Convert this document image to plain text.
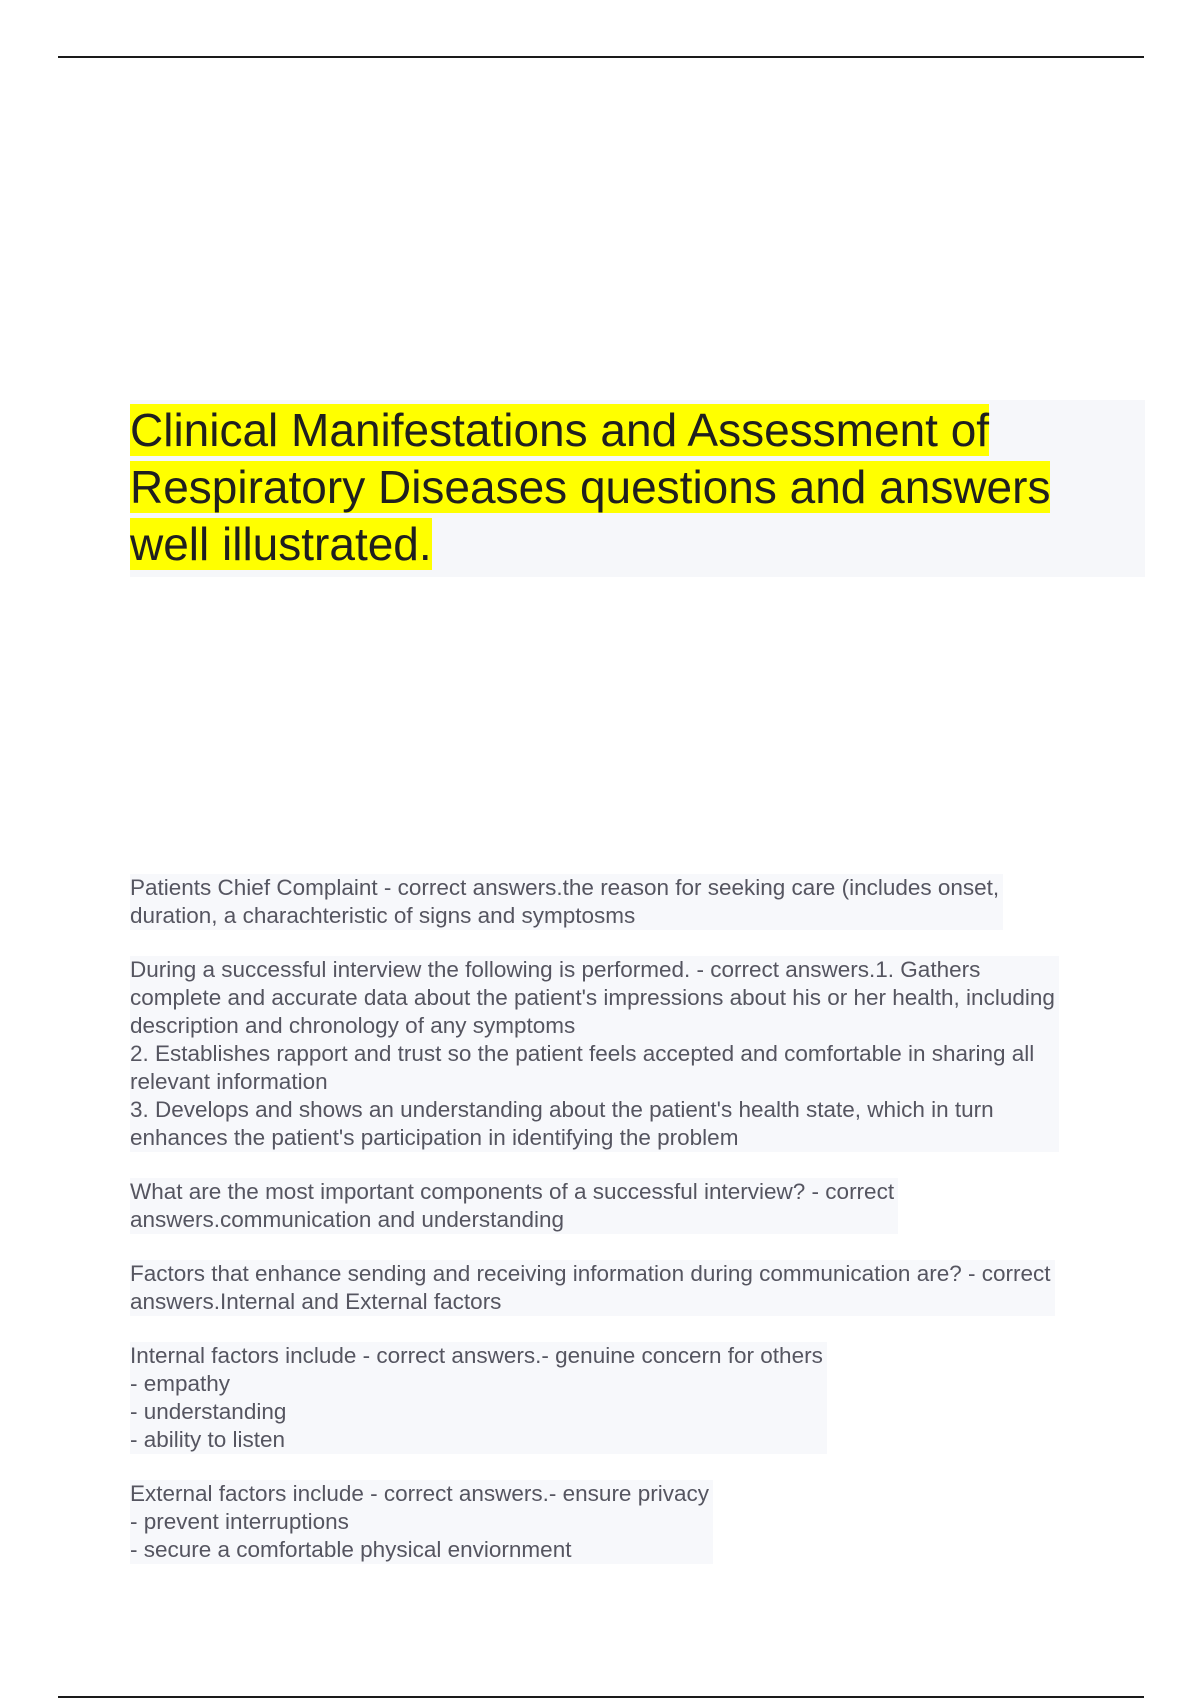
Clinical Manifestations and Assessment of
Respiratory Diseases questions and answers
well illustrated.
Patients Chief Complaint - correct answers.the reason for seeking care (includes onset,
duration, a charachteristic of signs and symptosms
During a successful interview the following is performed. - correct answers.1. Gathers
complete and accurate data about the patient's impressions about his or her health, including
description and chronology of any symptoms
2. Establishes rapport and trust so the patient feels accepted and comfortable in sharing all
relevant information
3. Develops and shows an understanding about the patient's health state, which in turn
enhances the patient's participation in identifying the problem
What are the most important components of a successful interview? - correct
answers.communication and understanding
Factors that enhance sending and receiving information during communication are? - correct
answers.Internal and External factors
Internal factors include - correct answers.- genuine concern for others
- empathy
- understanding
- ability to listen
External factors include - correct answers.- ensure privacy
- prevent interruptions
- secure a comfortable physical enviornment
